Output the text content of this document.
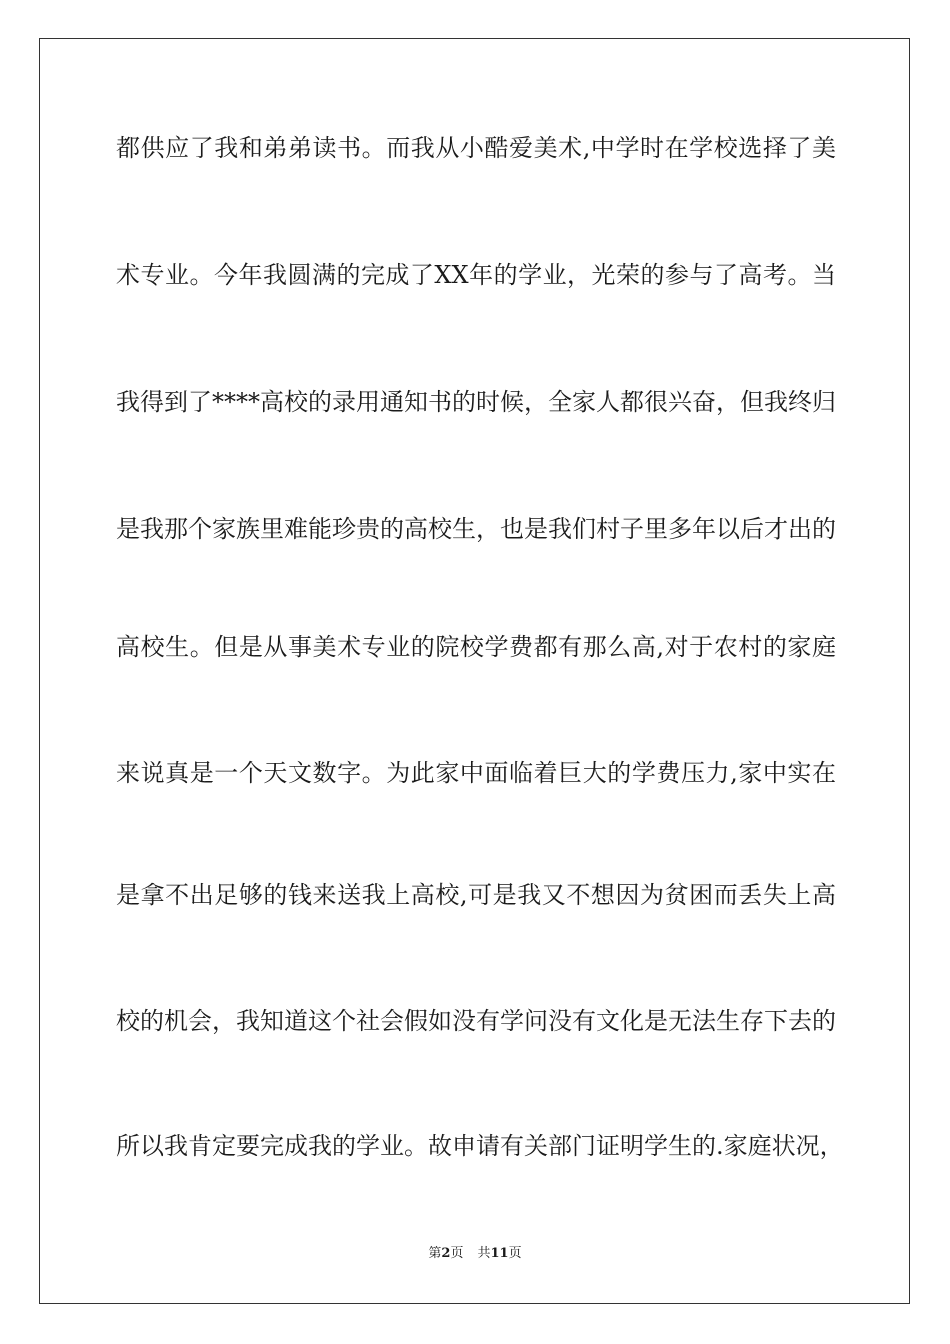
都供应了我和弟弟读书。而我从小酷爱美术,中学时在学校选择了美
术专业。今年我圆满的完成了XX年的学业，光荣的参与了高考。当
我得到了****高校的录用通知书的时候，全家人都很兴奋，但我终归
是我那个家族里难能珍贵的高校生，也是我们村子里多年以后才出的
高校生。但是从事美术专业的院校学费都有那么高,对于农村的家庭
来说真是一个天文数字。为此家中面临着巨大的学费压力,家中实在
是拿不出足够的钱来送我上高校,可是我又不想因为贫困而丢失上高
校的机会，我知道这个社会假如没有学问没有文化是无法生存下去的
所以我肯定要完成我的学业。故申请有关部门证明学生的.家庭状况，
第2页 共11页
